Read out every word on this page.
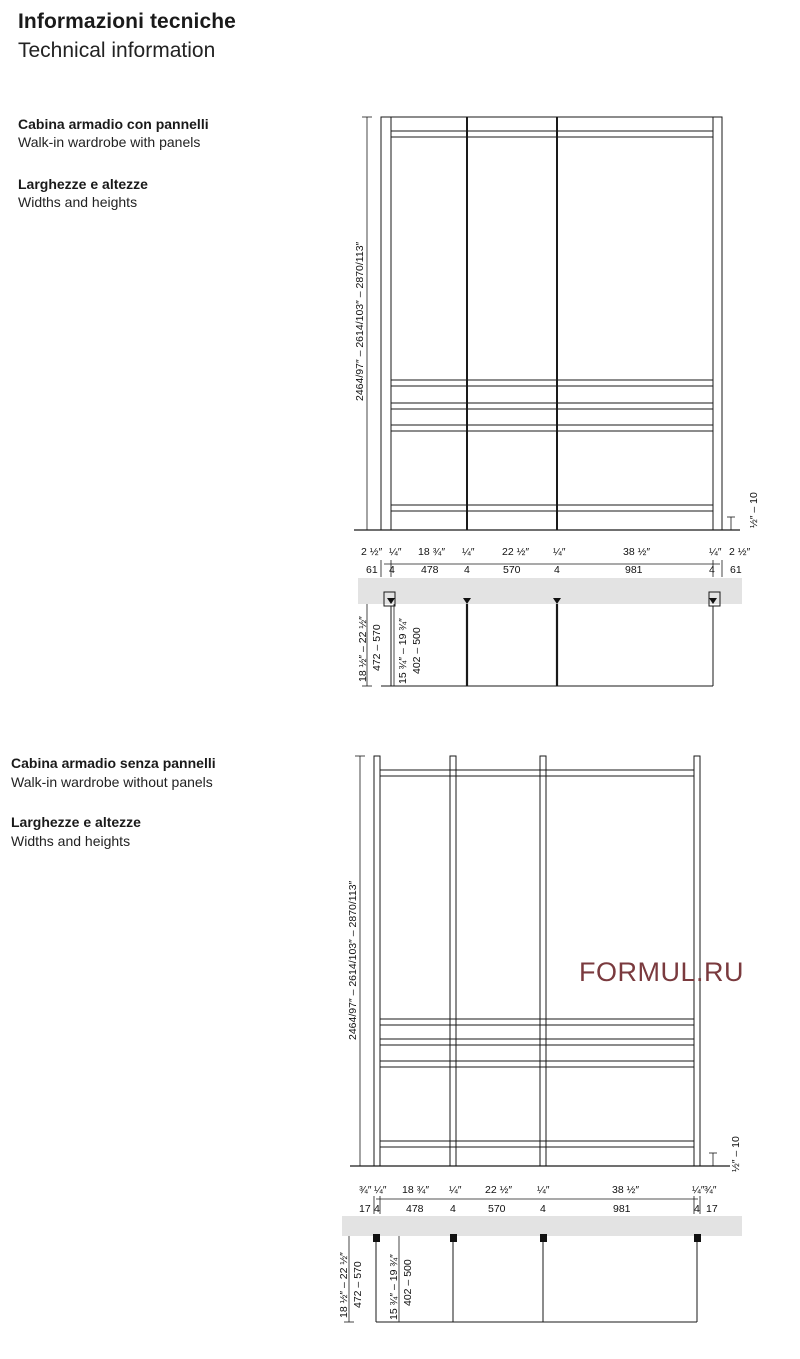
Informazioni tecniche
Technical information
Cabina armadio con pannelli
Walk-in wardrobe with panels
Larghezze e altezze
Widths and heights
Cabina armadio senza pannelli
Walk-in wardrobe without panels
Larghezze e altezze
Widths and heights
2464/97″ – 2614/103″ – 2870/113″
½″ – 10
2 ½″ ¼″ 18 ¾″ ¼″	22 ½″ ¼″	38 ½″	¼″ 2 ½″
61 4 478 4	570	4	981	4 61
18 ½″ – 22 ½″ 472 – 570 15 ¾″ – 19 ¾″ 402 – 500
2464/97″ – 2614/103″ – 2870/113″
½″ – 10
¾″ ¼″ 18 ¾″ ¼″ 22 ½″ ¼″	38 ½″	¼″ ¾″
17 4 478	4	570	4	981	4 17
18 ½″ – 22 ½″ 472 – 570 15 ¾″ – 19 ¾″ 402 – 500
FORMUL.RU
